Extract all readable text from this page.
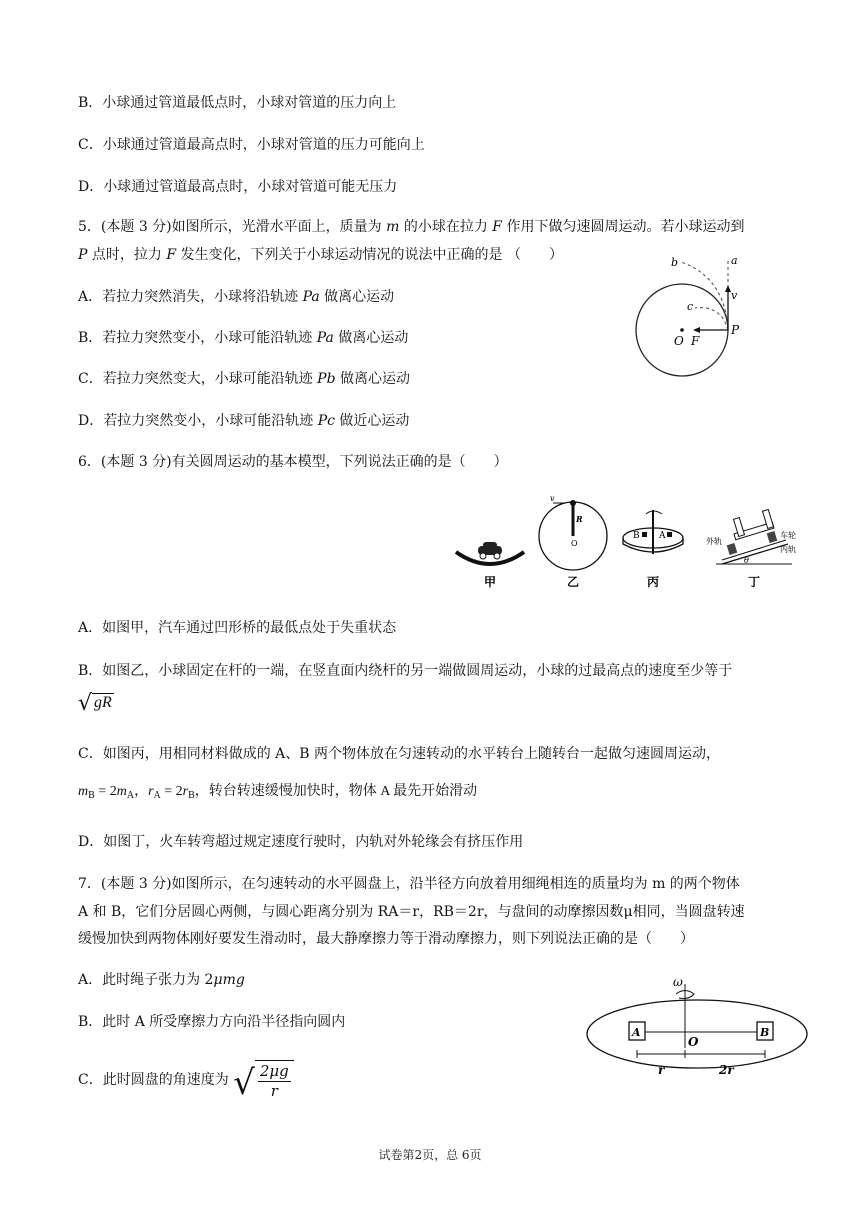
B．小球通过管道最低点时，小球对管道的压力向上
C．小球通过管道最高点时，小球对管道的压力可能向上
D．小球通过管道最高点时，小球对管道可能无压力
5．(本题 3 分)如图所示，光滑水平面上，质量为 m 的小球在拉力 F 作用下做匀速圆周运动。若小球运动到
P 点时，拉力 F 发生变化，下列关于小球运动情况的说法中正确的是 （　　）
A．若拉力突然消失，小球将沿轨迹 Pa 做离心运动
B．若拉力突然变小，小球可能沿轨迹 Pa 做离心运动
C．若拉力突然变大，小球可能沿轨迹 Pb 做离心运动
D．若拉力突然变小，小球可能沿轨迹 Pc 做近心运动
b	a
v
c
O F
P
6．(本题 3 分)有关圆周运动的基本模型，下列说法正确的是（　　）
甲
v
R
O
乙
B A
丙
外轨
车轮
内轨
θ
丁
A．如图甲，汽车通过凹形桥的最低点处于失重状态
B．如图乙，小球固定在杆的一端，在竖直面内绕杆的另一端做圆周运动，小球的过最高点的速度至少等于
√ gR
C．如图丙，用相同材料做成的 A、B 两个物体放在匀速转动的水平转台上随转台一起做匀速圆周运动，
$m_B = 2m_A$，$r_A = 2r_B$，转台转速缓慢加快时，物体 A 最先开始滑动
D．如图丁，火车转弯超过规定速度行驶时，内轨对外轮缘会有挤压作用
7．(本题 3 分)如图所示，在匀速转动的水平圆盘上，沿半径方向放着用细绳相连的质量均为 m 的两个物体
A 和 B，它们分居圆心两侧，与圆心距离分别为 RA＝r，RB＝2r，与盘间的动摩擦因数μ相同，当圆盘转速
缓慢加快到两物体刚好要发生滑动时，最大静摩擦力等于滑动摩擦力，则下列说法正确的是（　　）
A．此时绳子张力为 2μmg
B．此时 A 所受摩擦力方向沿半径指向圆内
C．此时圆盘的角速度为 √ $\frac{2\mu g}{r}$
ω
A
O
B
r	2r
试卷第2页，总 6页
